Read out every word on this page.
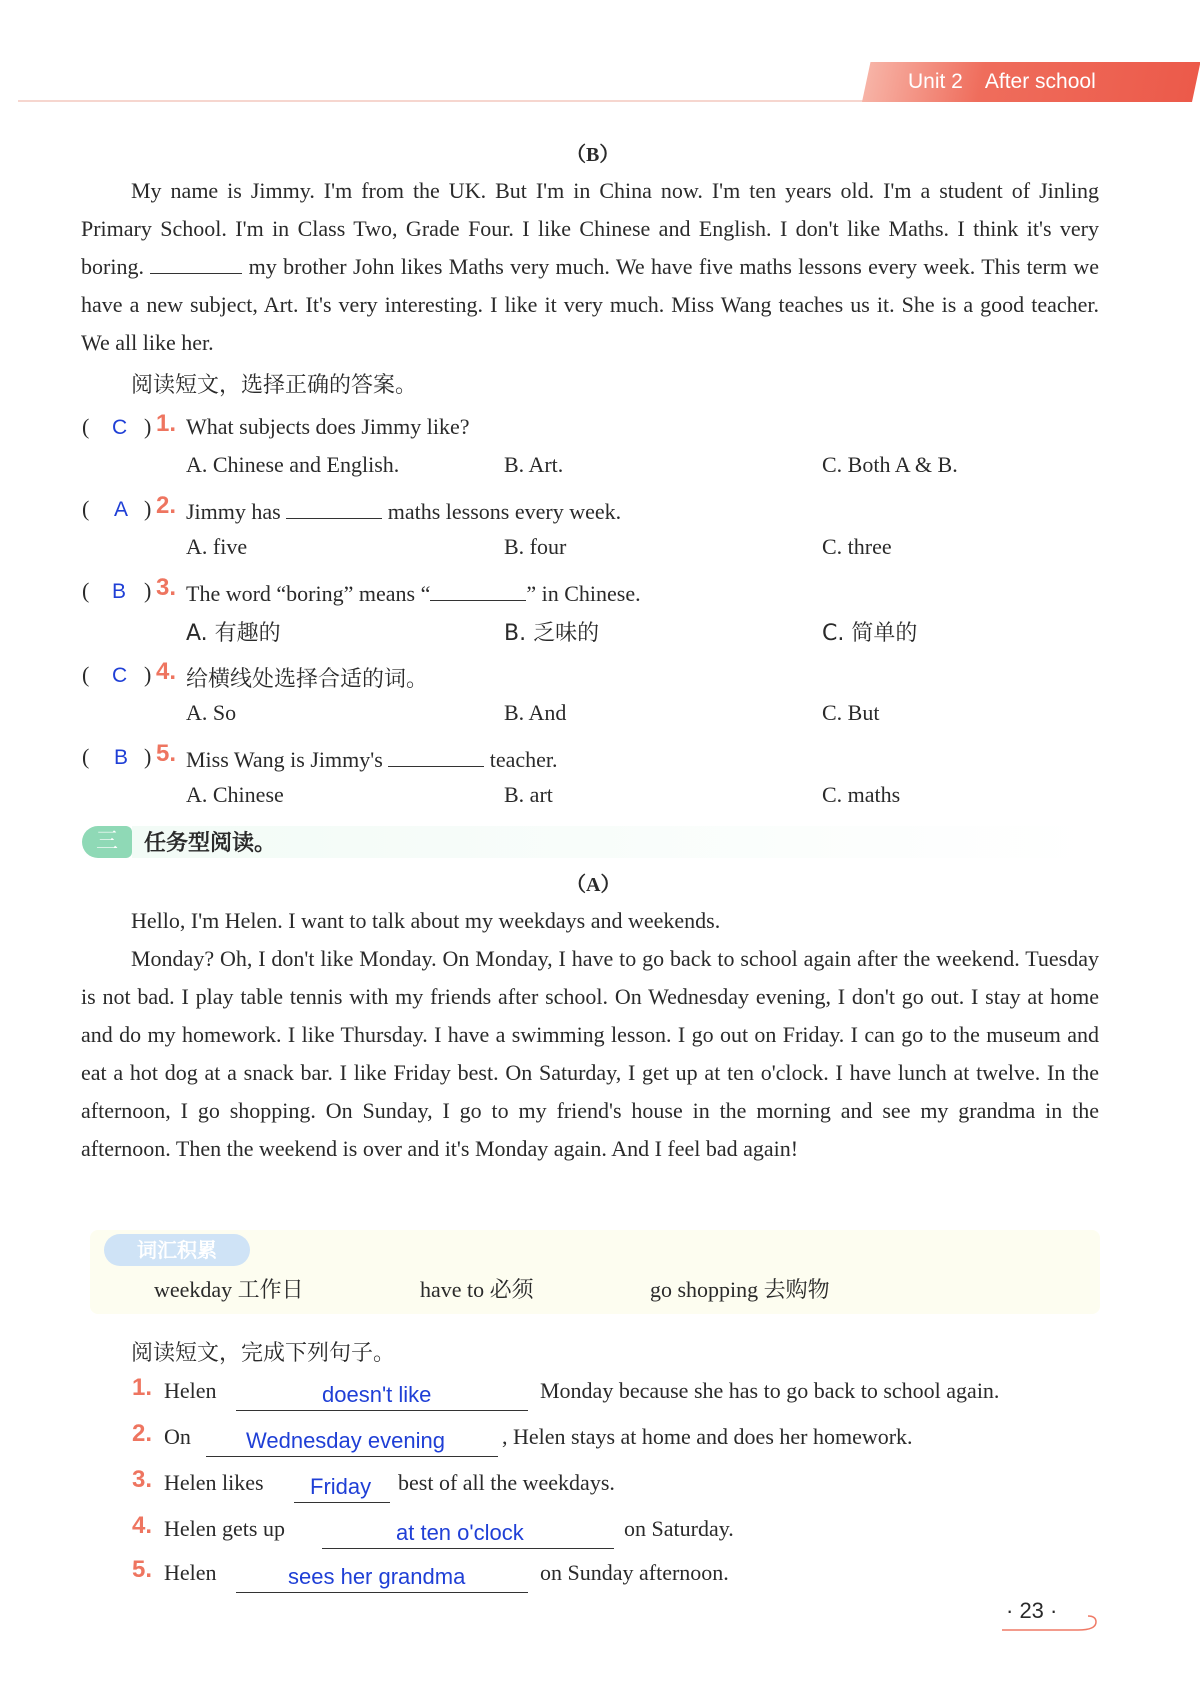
Unit 2 After school
（B）

My name is Jimmy. I'm from the UK. But I'm in China now. I'm ten years old. I'm a student of Jinling Primary School. I'm in Class Two, Grade Four. I like Chinese and English. I don't like Maths. I think it's very boring.	my brother John likes Maths very much. We have five maths lessons every week. This term we have a new subject, Art. It's very interesting. I like it very much. Miss Wang teaches us it. She is a good teacher. We all like her.

阅读短文，选择正确的答案。
( C ) 1. What subjects does Jimmy like?
A. Chinese and English.	B. Art.	C. Both A & B.
( A ) 2. Jimmy has	maths lessons every week.
A. five	B. four	C. three
( B ) 3. The word “boring” means “	” in Chinese.
A. 有趣的	B. 乏味的	C. 简单的
( C ) 4. 给横线处选择合适的词。
A. So	B. And	C. But
( B ) 5. Miss Wang is Jimmy's	teacher.
A. Chinese	B. art	C. maths
三	任务型阅读。
（A）

Hello, I'm Helen. I want to talk about my weekdays and weekends.

Monday? Oh, I don't like Monday. On Monday, I have to go back to school again after the weekend. Tuesday is not bad. I play table tennis with my friends after school. On Wednesday evening, I don't go out. I stay at home and do my homework. I like Thursday. I have a swimming lesson. I go out on Friday. I can go to the museum and eat a hot dog at a snack bar. I like Friday best. On Saturday, I get up at ten o'clock. I have lunch at twelve. In the afternoon, I go shopping. On Sunday, I go to my friend's house in the morning and see my grandma in the afternoon. Then the weekend is over and it's Monday again. And I feel bad again!

词汇积累
weekday 工作日	have to 必须	go shopping 去购物
阅读短文，完成下列句子。
1. Helen	doesn't like	Monday because she has to go back to school again.
2. On	Wednesday evening	, Helen stays at home and does her homework.
3. Helen likes Friday best of all the weekdays.
4. Helen gets up	at ten o'clock	on Saturday.
5. Helen	sees her grandma	on Sunday afternoon.
· 23 ·
